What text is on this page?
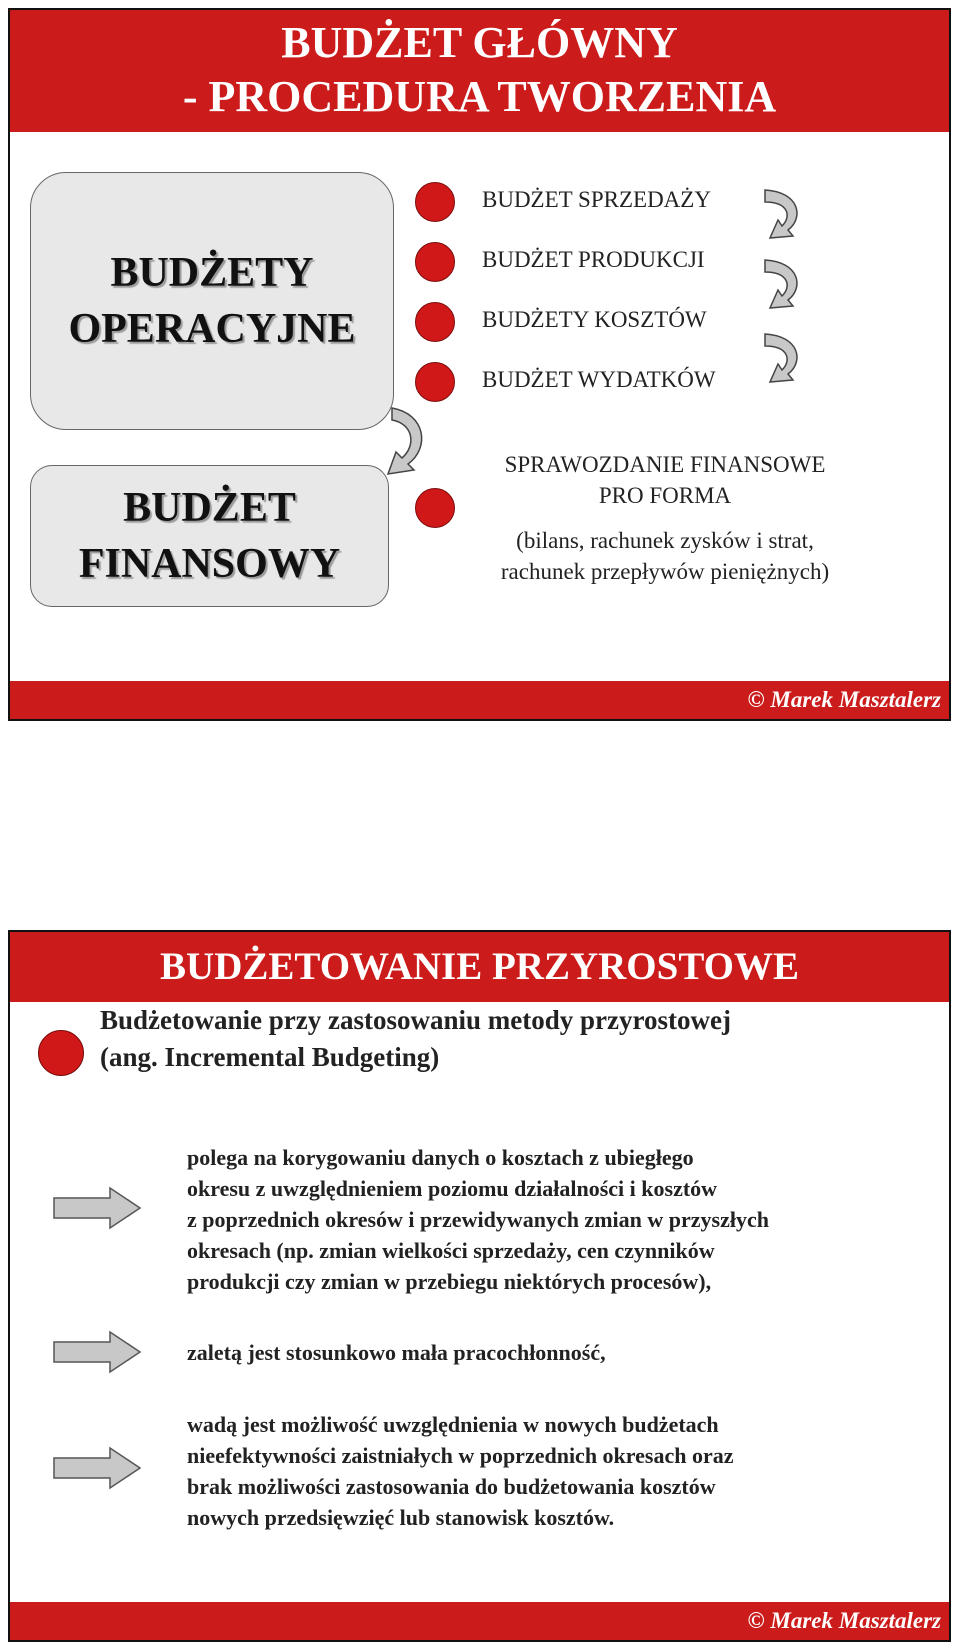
BUDŻET GŁÓWNY
- PROCEDURA TWORZENIA
© Marek Masztalerz
BUDŻETY
OPERACYJNE
BUDŻET
FINANSOWY
BUDŻET SPRZEDAŻY
BUDŻET PRODUKCJI
BUDŻETY KOSZTÓW
BUDŻET WYDATKÓW
SPRAWOZDANIE FINANSOWE
PRO FORMA
(bilans, rachunek zysków i strat,
rachunek przepływów pieniężnych)
BUDŻETOWANIE PRZYROSTOWE
© Marek Masztalerz
Budżetowanie przy zastosowaniu metody przyrostowej
(ang. Incremental Budgeting)
polega na korygowaniu danych o kosztach z ubiegłego
okresu z uwzględnieniem poziomu działalności i kosztów
z poprzednich okresów i przewidywanych zmian w przyszłych
okresach (np. zmian wielkości sprzedaży, cen czynników
produkcji czy zmian w przebiegu niektórych procesów),
zaletą jest stosunkowo mała pracochłonność,
wadą jest możliwość uwzględnienia w nowych budżetach
nieefektywności zaistniałych w poprzednich okresach oraz
brak możliwości zastosowania do budżetowania kosztów
nowych przedsięwzięć lub stanowisk kosztów.
